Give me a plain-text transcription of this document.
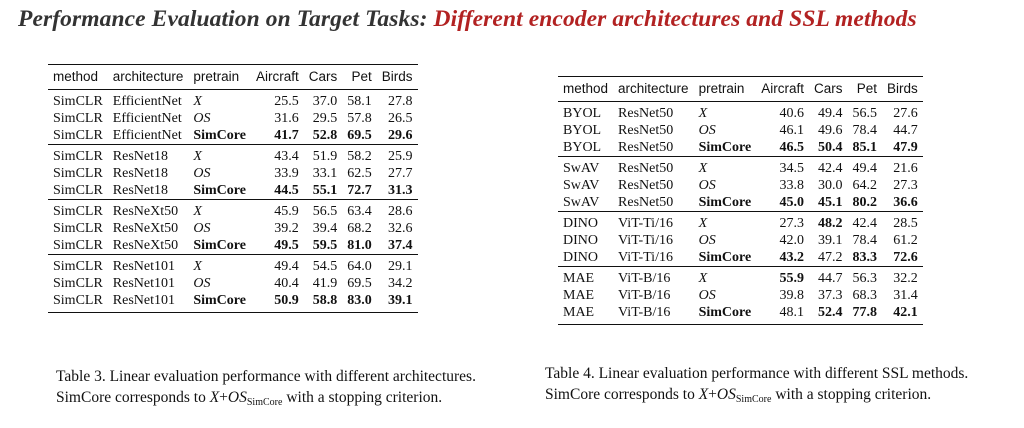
Performance Evaluation on Target Tasks: Different encoder architectures and SSL methods
method	architecture	pretrain	Aircraft	Cars	Pet	Birds
SimCLR	EfficientNet	X	25.5	37.0	58.1	27.8
SimCLR	EfficientNet	OS	31.6	29.5	57.8	26.5
SimCLR	EfficientNet	SimCore	41.7	52.8	69.5	29.6
SimCLR	ResNet18	X	43.4	51.9	58.2	25.9
SimCLR	ResNet18	OS	33.9	33.1	62.5	27.7
SimCLR	ResNet18	SimCore	44.5	55.1	72.7	31.3
SimCLR	ResNeXt50	X	45.9	56.5	63.4	28.6
SimCLR	ResNeXt50	OS	39.2	39.4	68.2	32.6
SimCLR	ResNeXt50	SimCore	49.5	59.5	81.0	37.4
SimCLR	ResNet101	X	49.4	54.5	64.0	29.1
SimCLR	ResNet101	OS	40.4	41.9	69.5	34.2
SimCLR	ResNet101	SimCore	50.9	58.8	83.0	39.1
Table 3. Linear evaluation performance with different architectures.
SimCore corresponds to $X+OS_{SimCore}$ with a stopping criterion.
method	architecture	pretrain	Aircraft	Cars	Pet	Birds
BYOL	ResNet50	X	40.6	49.4	56.5	27.6
BYOL	ResNet50	OS	46.1	49.6	78.4	44.7
BYOL	ResNet50	SimCore	46.5	50.4	85.1	47.9
SwAV	ResNet50	X	34.5	42.4	49.4	21.6
SwAV	ResNet50	OS	33.8	30.0	64.2	27.3
SwAV	ResNet50	SimCore	45.0	45.1	80.2	36.6
DINO	ViT-Ti/16	X	27.3	48.2	42.4	28.5
DINO	ViT-Ti/16	OS	42.0	39.1	78.4	61.2
DINO	ViT-Ti/16	SimCore	43.2	47.2	83.3	72.6
MAE	ViT-B/16	X	55.9	44.7	56.3	32.2
MAE	ViT-B/16	OS	39.8	37.3	68.3	31.4
MAE	ViT-B/16	SimCore	48.1	52.4	77.8	42.1
Table 4. Linear evaluation performance with different SSL methods.
SimCore corresponds to $X+OS_{SimCore}$ with a stopping criterion.
